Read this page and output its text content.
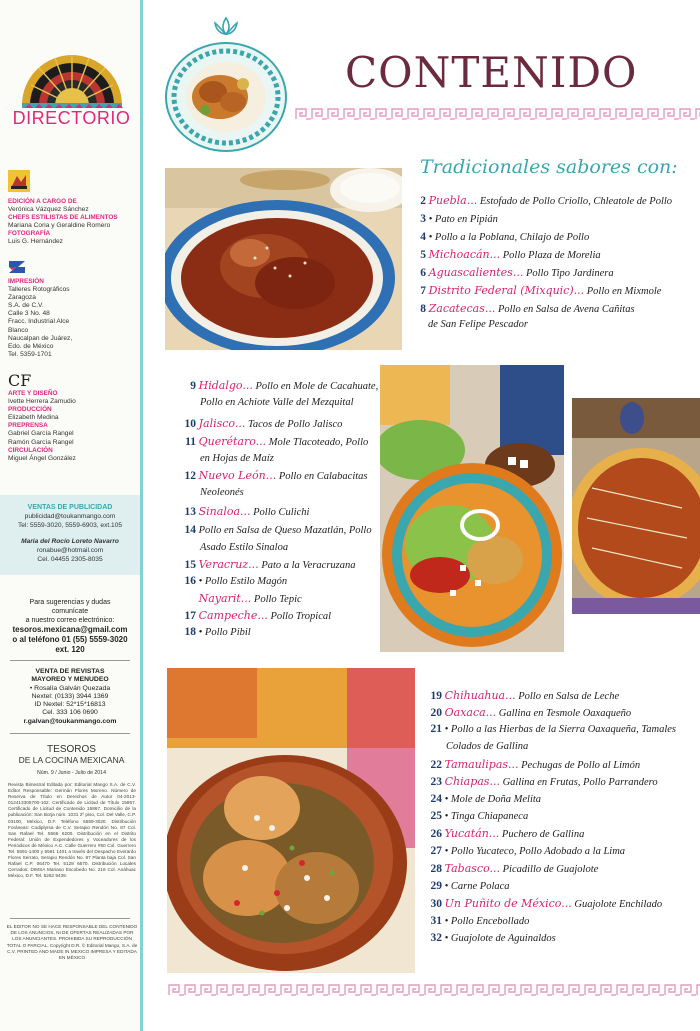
DIRECTORIO
EDICIÓN A CARGO DE
Verónica Vázquez Sánchez
CHEFS ESTILISTAS DE ALIMENTOS
Mariana Coria y Geraldine Romero
FOTOGRAFÍA
Luis G. Hernández
IMPRESIÓN
Talleres Rotográficos
Zaragoza
S.A. de C.V.
Calle 3 No. 48
Fracc. Industrial Alce
Blanco
Naucalpan de Juárez,
Edo. de México
Tel. 5359-1701
CF
ARTE Y DISEÑO
Ivette Herrera Zamudio
PRODUCCIÓN
Elizabeth Medina
PREPRENSA
Gabriel García Rangel
Ramón García Rangel
CIRCULACIÓN
Miguel Ángel González
VENTAS DE PUBLICIDAD
publicidad@toukanmango.com
Tel: 5559-3020, 5559-6903, ext.105
María del Rocío Loreto Navarro
ronabue@hotmail.com
Cel. 04455 2305-8035
Para sugerencias y dudas
comunícate
a nuestro correo electrónico:
tesoros.mexicana@gmail.com
o al teléfono 01 (55) 5559-3020
ext. 120
VENTA DE REVISTAS
MAYOREO Y MENUDEO
• Rosalía Galván Quezada
Nextel: (0133) 3944 1369
ID Nextel: 52*15*16813
Cel. 333 106 0690
r.galvan@toukanmango.com
TESOROS
DE LA COCINA MEXICANA
Núm. 9 / Junio - Julio de 2014
Revista Bimestral Editada por: Editorial Mango S.A. de C.V. Editor Responsable: Germán Flores Moreno. Número de Reserva de Título en Derechos de Autor 04-2013-012413305700-102. Certificado de Licitud de Título 15867. Certificado de Licitud de Contenido 15867. Domicilio de la publicación: San Borja núm. 1031 2º piso, Col. Del Valle, C.P. 03100, México, D.F. Teléfono 5559-3020. Distribución Foráneas: Codiplyrsa de C.V. Serapio Rendón No. 87 Col. San Rafael Tel. 5566 6200. Distribución en el Distrito Federal: Unión de Expendedores y Voceadores de los Periódicos de México A.C. Calle Guerrero #50 Col. Guerrero Tel. 5591-1400 y 5591 1401 a través del Despacho Everardo Flores Serrato, Serapio Rendón No. 87 Planta baja Col. San Rafael C.P. 06470 Tel. 5128 6670. Distribución Locales Cerrados: DIMSA Mariano Escobedo No. 218 Col. Anáhuac México, D.F. Tel. 5262 9439.
EL EDITOR NO SE HACE RESPONSABLE DEL CONTENIDO DE LOS ANUNCIOS, NI DE OFERTAS REALIZADAS POR LOS ANUNCIANTES. PROHIBIDA SU REPRODUCCIÓN TOTAL O PARCIAL. Copyright D.R. © Editorial Mango, S.A. de C.V. PRINTED AND MADE IN MEXICO IMPRESA Y EDITADA EN MÉXICO
CONTENIDO
Tradicionales sabores con:
2 Puebla... Estofado de Pollo Criollo, Chleatole de Pollo
3 • Pato en Pipián
4 • Pollo a la Poblana, Chilajo de Pollo
5 Michoacán... Pollo Plaza de Morelia
6 Aguascalientes... Pollo Tipo Jardinera
7 Distrito Federal (Mixquic)... Pollo en Mixmole
8 Zacatecas... Pollo en Salsa de Avena Cañitas
de San Felipe Pescador
9 Hidalgo... Pollo en Mole de Cacahuate,
Pollo en Achiote Valle del Mezquital
10 Jalisco... Tacos de Pollo Jalisco
11 Querétaro... Mole Tlacoteado, Pollo
en Hojas de Maíz
12 Nuevo León... Pollo en Calabacitas
Neoleonés
13 Sinaloa... Pollo Culichi
14 Pollo en Salsa de Queso Mazatlán, Pollo
Asado Estilo Sinaloa
15 Veracruz... Pato a la Veracruzana
16 • Pollo Estilo Magón
Nayarit... Pollo Tepic
17 Campeche... Pollo Tropical
18 • Pollo Pibil
19 Chihuahua... Pollo en Salsa de Leche
20 Oaxaca... Gallina en Tesmole Oaxaqueño
21 • Pollo a las Hierbas de la Sierra Oaxaqueña, Tamales
Colados de Gallina
22 Tamaulipas... Pechugas de Pollo al Limón
23 Chiapas... Gallina en Frutas, Pollo Parrandero
24 • Mole de Doña Melita
25 • Tinga Chiapaneca
26 Yucatán... Puchero de Gallina
27 • Pollo Yucateco, Pollo Adobado a la Lima
28 Tabasco... Picadillo de Guajolote
29 • Carne Polaca
30 Un Puñito de México... Guajolote Enchilado
31 • Pollo Encebollado
32 • Guajolote de Aguinaldos
